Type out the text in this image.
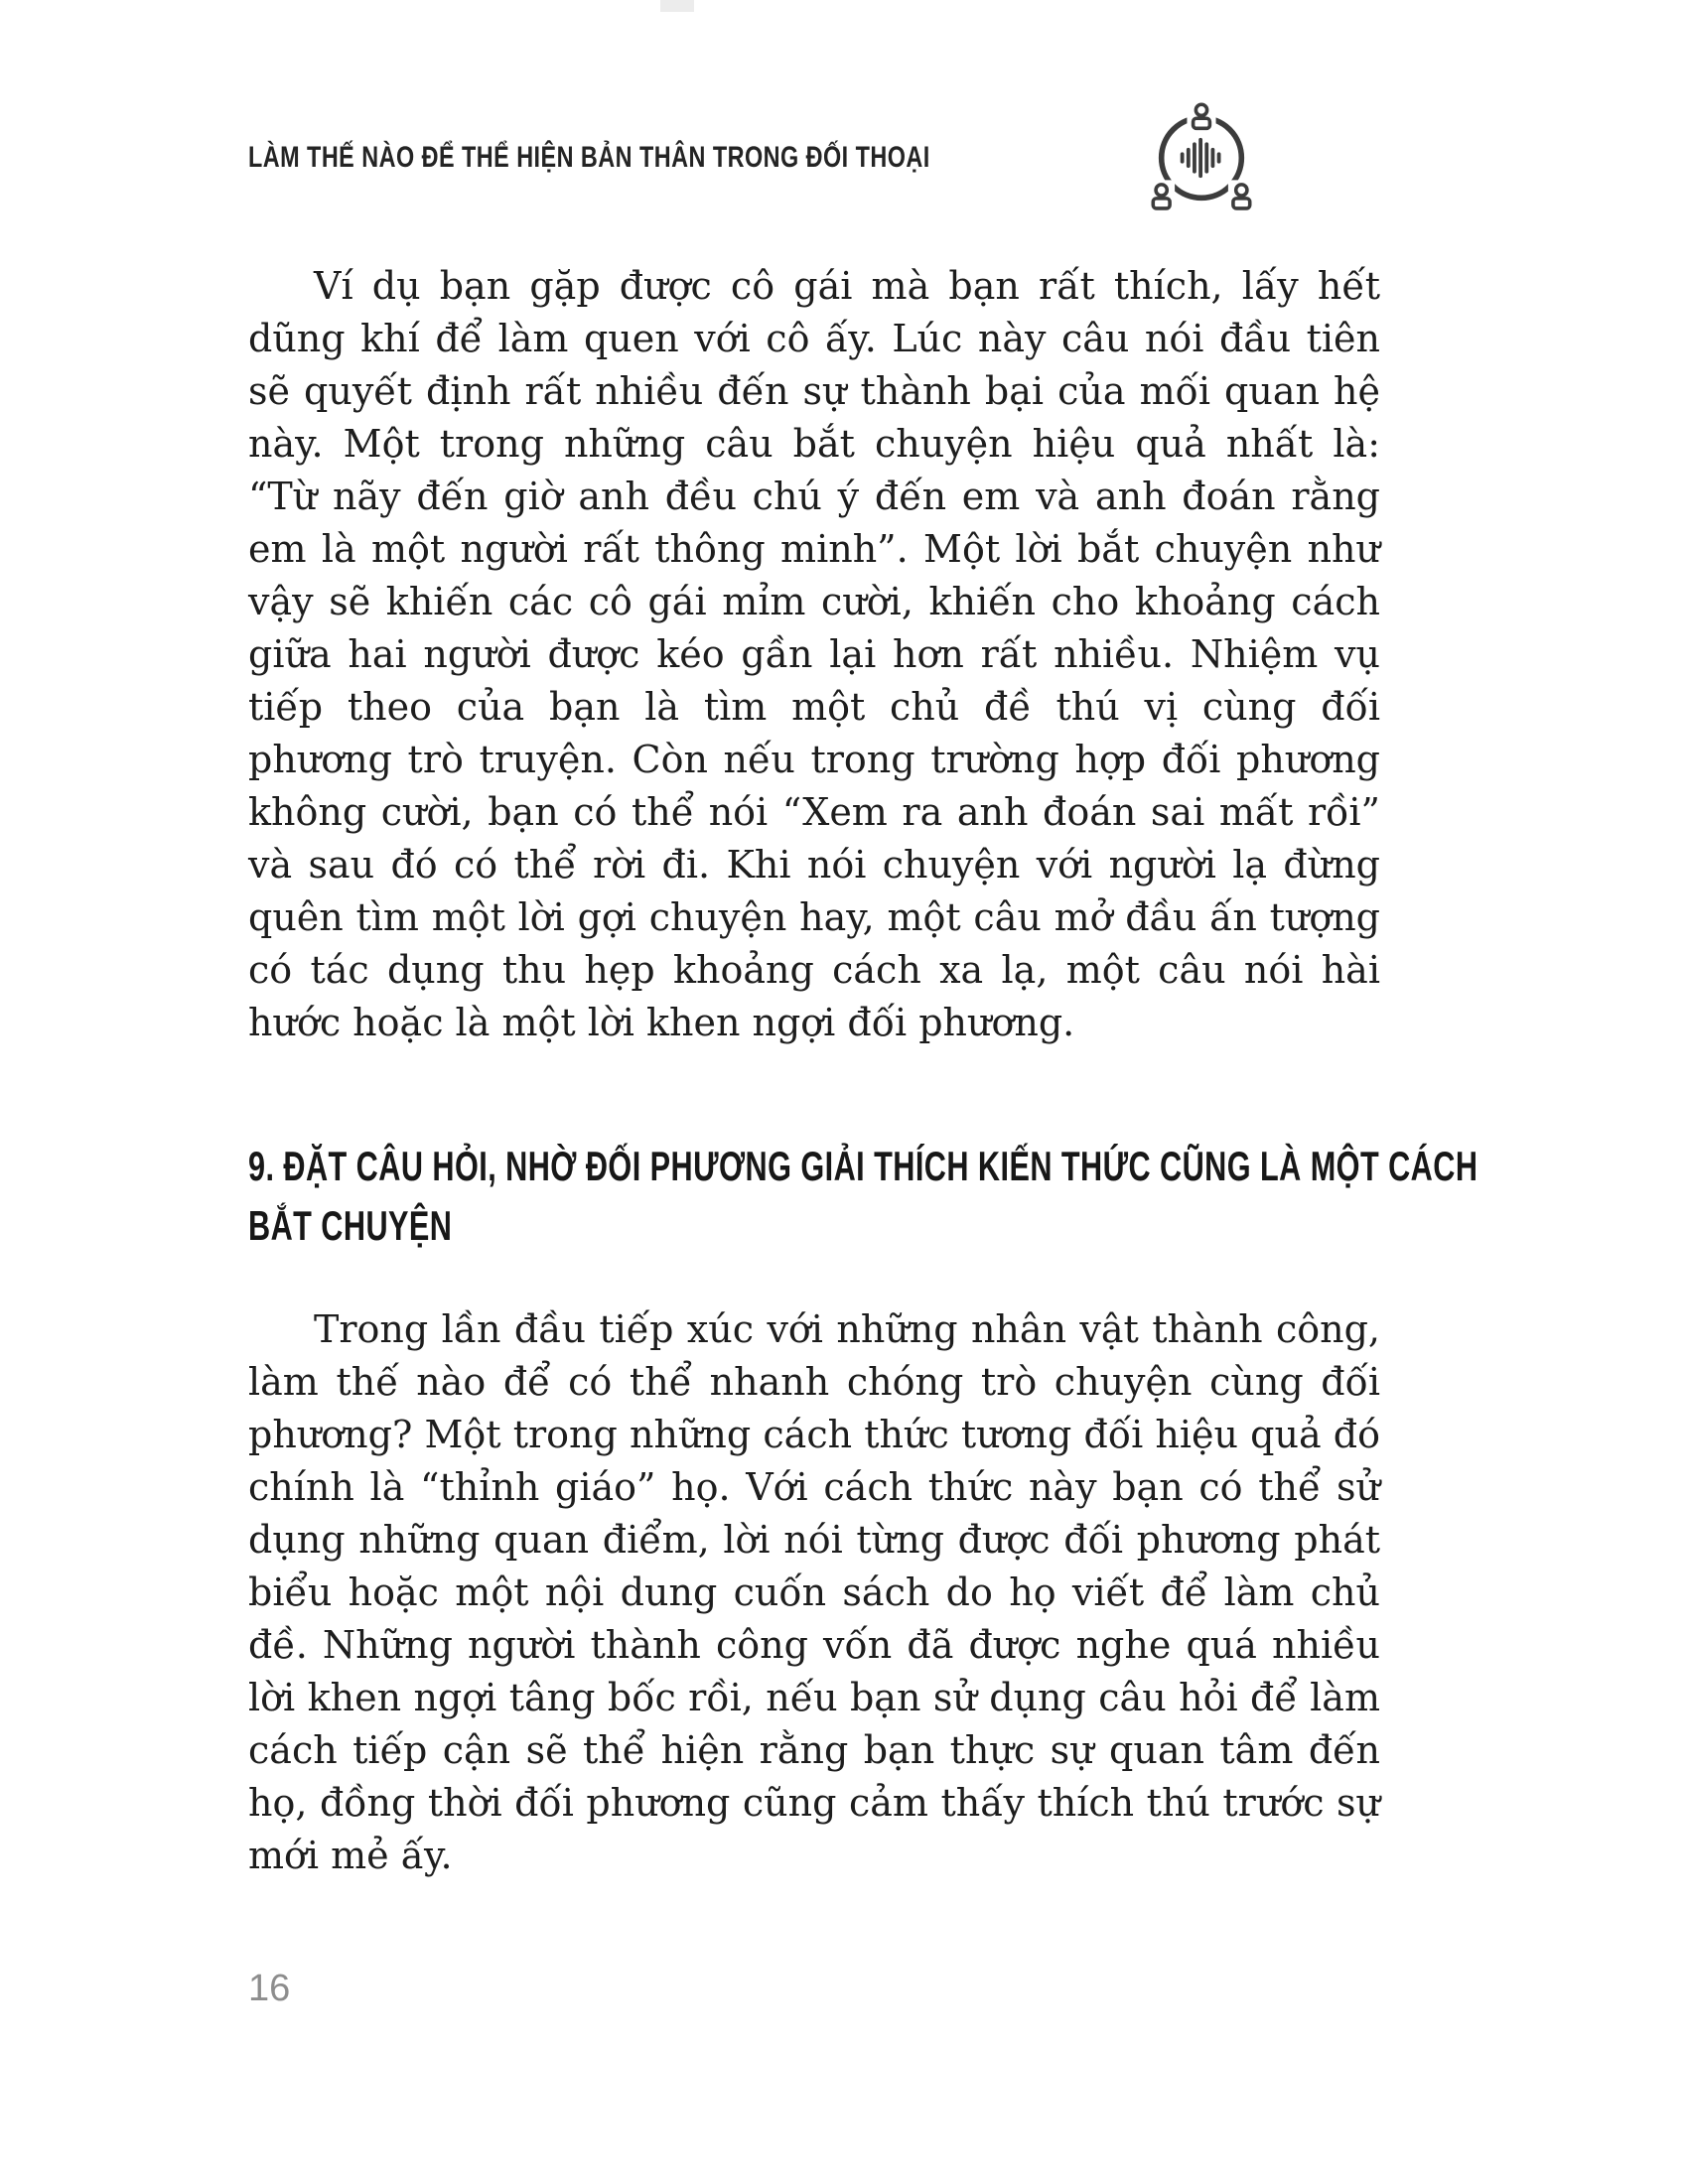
LÀM THẾ NÀO ĐỂ THỂ HIỆN BẢN THÂN TRONG ĐỐI THOẠI

Ví dụ bạn gặp được cô gái mà bạn rất thích, lấy hết dũng khí để làm quen với cô ấy. Lúc này câu nói đầu tiên sẽ quyết định rất nhiều đến sự thành bại của mối quan hệ này. Một trong những câu bắt chuyện hiệu quả nhất là: “Từ nãy đến giờ anh đều chú ý đến em và anh đoán rằng em là một người rất thông minh”. Một lời bắt chuyện như vậy sẽ khiến các cô gái mỉm cười, khiến cho khoảng cách giữa hai người được kéo gần lại hơn rất nhiều. Nhiệm vụ tiếp theo của bạn là tìm một chủ đề thú vị cùng đối phương trò truyện. Còn nếu trong trường hợp đối phương không cười, bạn có thể nói “Xem ra anh đoán sai mất rồi” và sau đó có thể rời đi. Khi nói chuyện với người lạ đừng quên tìm một lời gợi chuyện hay, một câu mở đầu ấn tượng có tác dụng thu hẹp khoảng cách xa lạ, một câu nói hài hước hoặc là một lời khen ngợi đối phương.

9. ĐẶT CÂU HỎI, NHỜ ĐỐI PHƯƠNG GIẢI THÍCH KIẾN THỨC CŨNG LÀ MỘT CÁCH
BẮT CHUYỆN

Trong lần đầu tiếp xúc với những nhân vật thành công, làm thế nào để có thể nhanh chóng trò chuyện cùng đối phương? Một trong những cách thức tương đối hiệu quả đó chính là “thỉnh giáo” họ. Với cách thức này bạn có thể sử dụng những quan điểm, lời nói từng được đối phương phát biểu hoặc một nội dung cuốn sách do họ viết để làm chủ đề. Những người thành công vốn đã được nghe quá nhiều lời khen ngợi tâng bốc rồi, nếu bạn sử dụng câu hỏi để làm cách tiếp cận sẽ thể hiện rằng bạn thực sự quan tâm đến họ, đồng thời đối phương cũng cảm thấy thích thú trước sự mới mẻ ấy.

16
